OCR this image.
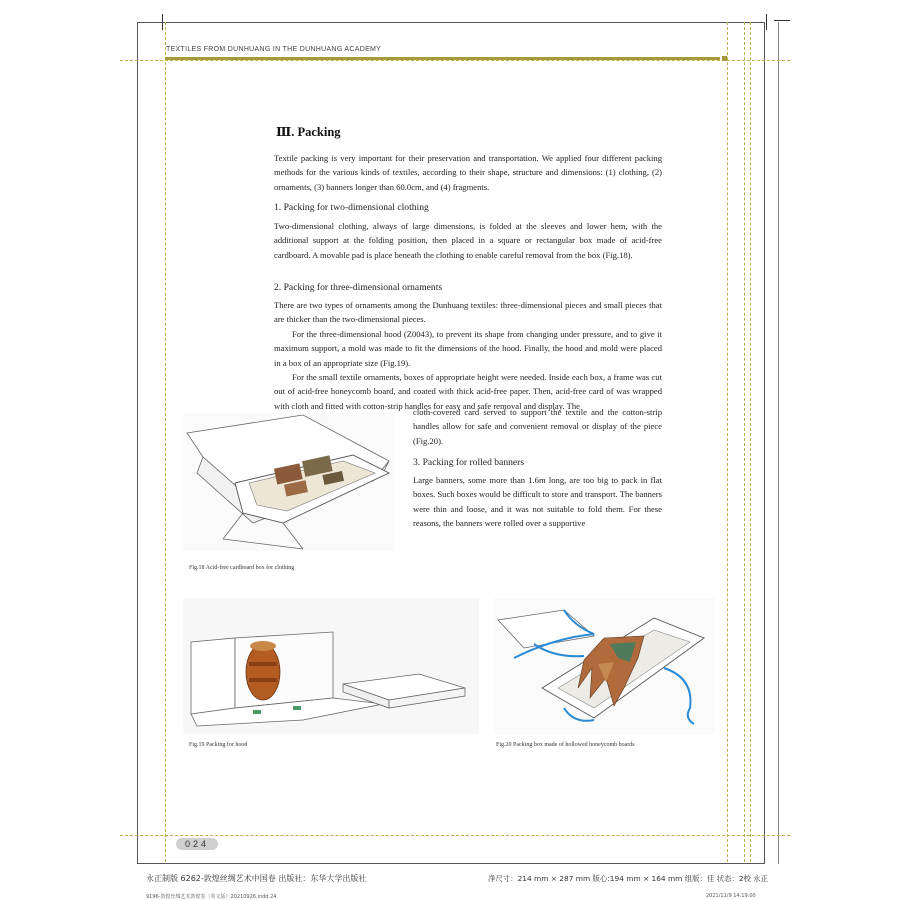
TEXTILES FROM DUNHUANG IN THE DUNHUANG ACADEMY
Ⅲ. Packing
Textile packing is very important for their preservation and transportation. We applied four different packing methods for the various kinds of textiles, according to their shape, structure and dimensions: (1) clothing, (2) ornaments, (3) banners longer than 60.0cm, and (4) fragments.
1. Packing for two-dimensional clothing
Two-dimensional clothing, always of large dimensions, is folded at the sleeves and lower hem, with the additional support at the folding position, then placed in a square or rectangular box made of acid-free cardboard. A movable pad is place beneath the clothing to enable careful removal from the box (Fig.18).
2. Packing for three-dimensional ornaments
There are two types of ornaments among the Dunhuang textiles: three-dimensional pieces and small pieces that are thicker than the two-dimensional pieces.
For the three-dimensional hood (Z0043), to prevent its shape from changing under pressure, and to give it maximum support, a mold was made to fit the dimensions of the hood. Finally, the hood and mold were placed in a box of an appropriate size (Fig.19).
For the small textile ornaments, boxes of appropriate height were needed. Inside each box, a frame was cut out of acid-free honeycomb board, and coated with thick acid-free paper. Then, acid-free card of was wrapped with cloth and fitted with cotton-strip handles for easy and safe removal and display. The
cloth-covered card served to support the textile and the cotton-strip handles allow for safe and convenient removal or display of the piece (Fig.20).
3. Packing for rolled banners
Large banners, some more than 1.6m long, are too big to pack in flat boxes. Such boxes would be difficult to store and transport. The banners were thin and loose, and it was not suitable to fold them. For these reasons, the banners were rolled over a supportive
Fig.18 Acid-free cardboard box for clothing
Fig.19 Packing for hood	Fig.20 Packing box made of hollowed honeycomb boards
024
永正制版 6262-敦煌丝绸艺术中国卷 出版社：东华大学出版社	净尺寸：214 mm × 287 mm 版心:194 mm × 164 mm 组版：佳 状态：2校 永正
9196-敦煌丝绸艺术敦煌卷（英文版）20210926.indd 24	2021/11/9 14:19:00
